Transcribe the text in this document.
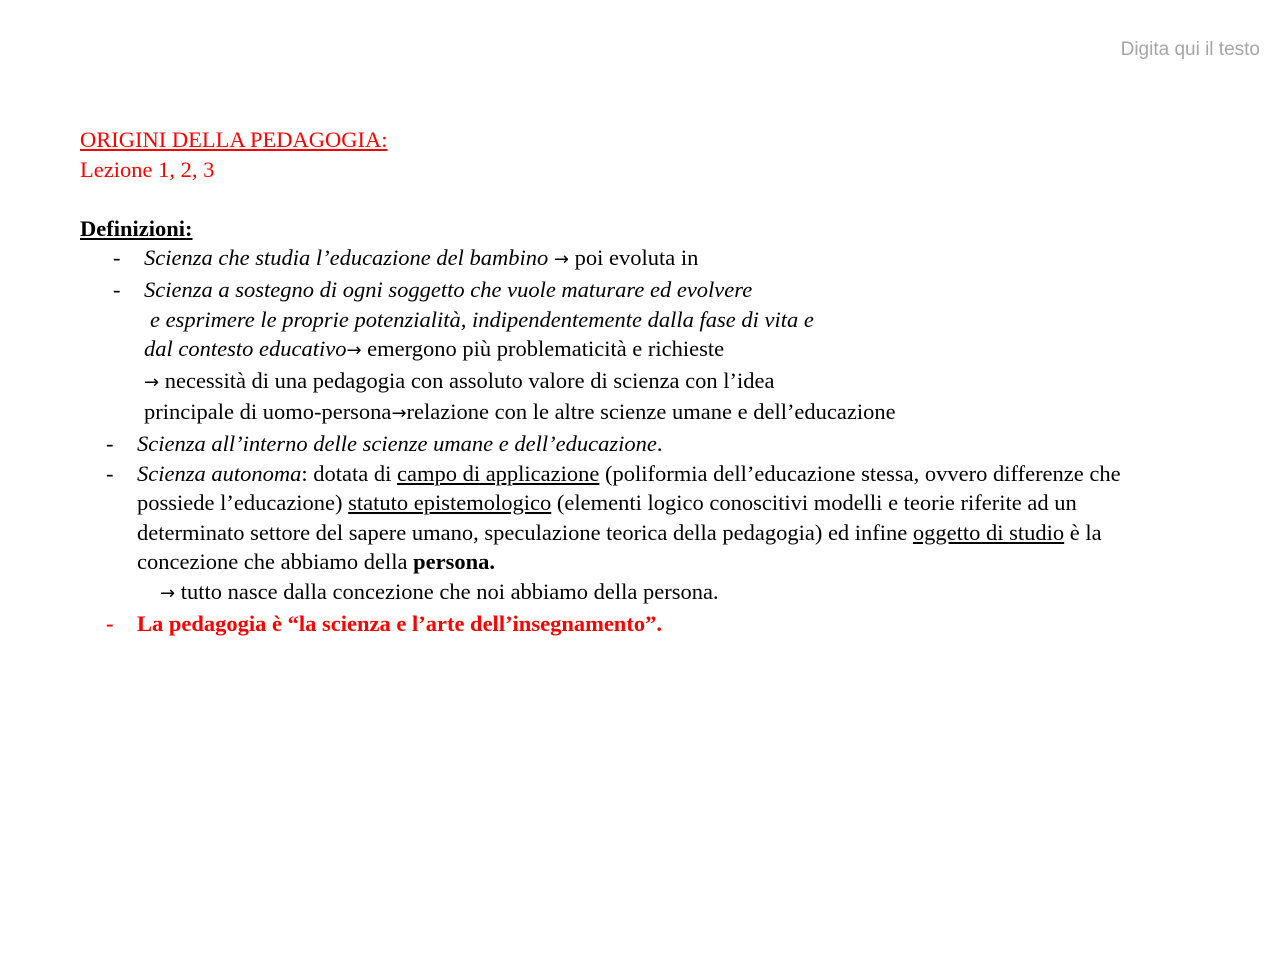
Digita qui il testo
ORIGINI DELLA PEDAGOGIA:
Lezione 1, 2, 3
Definizioni:
- Scienza che studia l’educazione del bambino → poi evoluta in
- Scienza a sostegno di ogni soggetto che vuole maturare ed evolvere
e esprimere le proprie potenzialità, indipendentemente dalla fase di vita e
dal contesto educativo→ emergono più problematicità e richieste
→ necessità di una pedagogia con assoluto valore di scienza con l’idea
principale di uomo-persona→relazione con le altre scienze umane e dell’educazione
- Scienza all’interno delle scienze umane e dell’educazione.
- Scienza autonoma: dotata di campo di applicazione (poliformia dell’educazione stessa, ovvero differenze che possiede l’educazione) statuto epistemologico (elementi logico conoscitivi modelli e teorie riferite ad un determinato settore del sapere umano, speculazione teorica della pedagogia) ed infine oggetto di studio è la concezione che abbiamo della persona.
→ tutto nasce dalla concezione che noi abbiamo della persona.
- La pedagogia è “la scienza e l’arte dell’insegnamento”.
